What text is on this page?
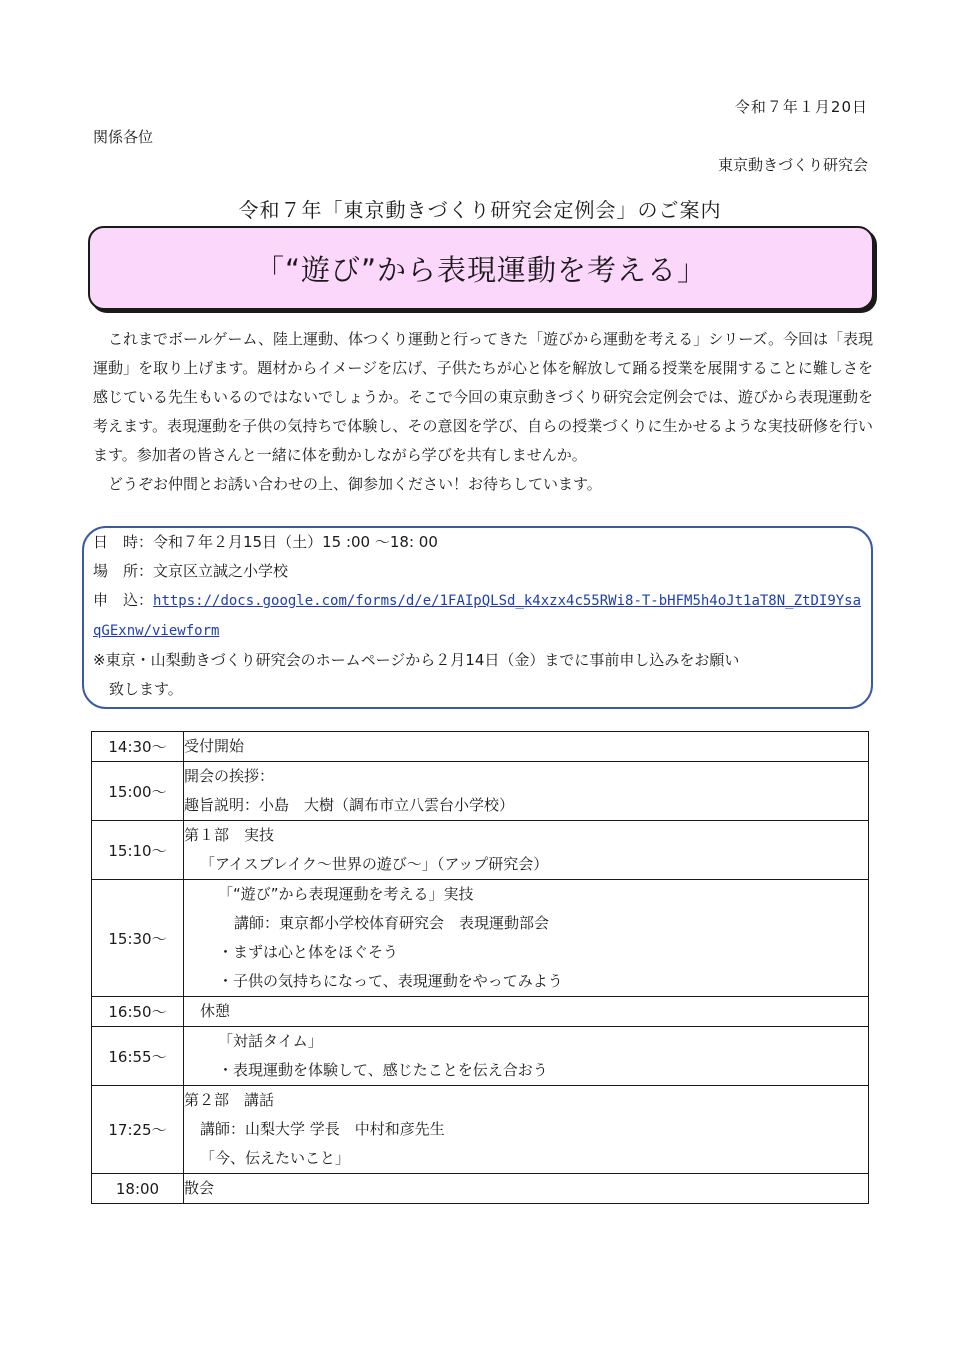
令和７年１月20日
関係各位
東京動きづくり研究会
令和７年「東京動きづくり研究会定例会」のご案内
「“遊び”から表現運動を考える」

これまでボールゲーム、陸上運動、体つくり運動と行ってきた「遊びから運動を考える」シリーズ。今回は「表現運動」を取り上げます。題材からイメージを広げ、子供たちが心と体を解放して踊る授業を展開することに難しさを感じている先生もいるのではないでしょうか。そこで今回の東京動きづくり研究会定例会では、遊びから表現運動を考えます。表現運動を子供の気持ちで体験し、その意図を学び、自らの授業づくりに生かせるような実技研修を行います。参加者の皆さんと一緒に体を動かしながら学びを共有しませんか。

どうぞお仲間とお誘い合わせの上、御参加ください！お待ちしています。

日　時：令和７年２月15日（土）15 :00 ～18: 00
場　所：文京区立誠之小学校
申　込：https://docs.google.com/forms/d/e/1FAIpQLSd_k4xzx4c55RWi8-T-bHFM5h4oJt1aT8N_ZtDI9Ysa
qGExnw/viewform
※東京・山梨動きづくり研究会のホームページから２月14日（金）までに事前申し込みをお願い
致します。
14:30～	受付開始

15:00～	開会の挨拶：
趣旨説明：小島　大樹（調布市立八雲台小学校）

15:10～	第１部　実技
「アイスブレイク～世界の遊び～」（アップ研究会）

15:30～	「“遊び”から表現運動を考える」実技
講師：東京都小学校体育研究会　表現運動部会
・まずは心と体をほぐそう
・子供の気持ちになって、表現運動をやってみよう

16:50～	休憩

16:55～	「対話タイム」
・表現運動を体験して、感じたことを伝え合おう

17:25～	第２部　講話
講師：山梨大学 学長　中村和彦先生
「今、伝えたいこと」

18:00	散会
